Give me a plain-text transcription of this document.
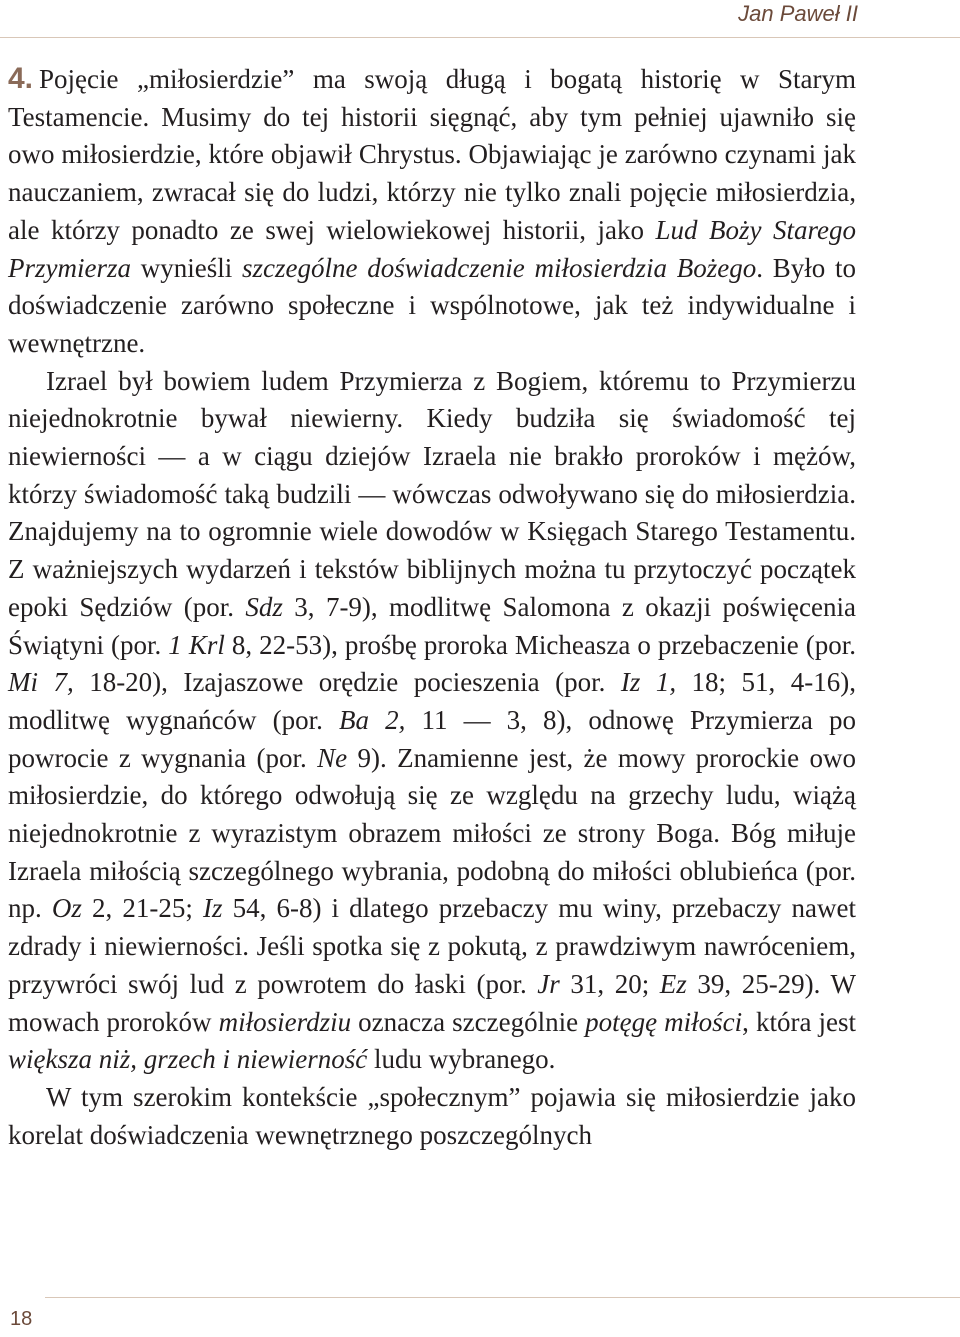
Jan Paweł II

4. Pojęcie „miłosierdzie” ma swoją długą i bogatą historię w Starym Testamencie. Musimy do tej historii sięgnąć, aby tym pełniej ujawniło się owo miłosierdzie, które objawił Chrystus. Objawiając je zarówno czynami jak nauczaniem, zwracał się do ludzi, którzy nie tylko znali pojęcie miłosierdzia, ale którzy ponadto ze swej wielowiekowej historii, jako Lud Boży Starego Przymierza wynieśli szczególne doświadczenie miłosierdzia Bożego. Było to doświadczenie zarówno społeczne i wspólnotowe, jak też indywidualne i wewnętrzne.

Izrael był bowiem ludem Przymierza z Bogiem, któremu to Przymierzu niejednokrotnie bywał niewierny. Kiedy budziła się świadomość tej niewierności — a w ciągu dziejów Izraela nie brakło proroków i mężów, którzy świadomość taką budzili — wówczas odwoływano się do miłosierdzia. Znajdujemy na to ogromnie wiele dowodów w Księgach Starego Testamentu. Z ważniejszych wydarzeń i tekstów biblijnych można tu przytoczyć początek epoki Sędziów (por. Sdz 3, 7-9), modlitwę Salomona z okazji poświęcenia Świątyni (por. 1 Krl 8, 22-53), prośbę proroka Micheasza o przebaczenie (por. Mi 7, 18-20), Izajaszowe orędzie pocieszenia (por. Iz 1, 18; 51, 4-16), modlitwę wygnańców (por. Ba 2, 11 — 3, 8), odnowę Przymierza po powrocie z wygnania (por. Ne 9). Znamienne jest, że mowy prorockie owo miłosierdzie, do którego odwołują się ze względu na grzechy ludu, wiążą niejednokrotnie z wyrazistym obrazem miłości ze strony Boga. Bóg miłuje Izraela miłością szczególnego wybrania, podobną do miłości oblubieńca (por. np. Oz 2, 21-25; Iz 54, 6-8) i dlatego przebaczy mu winy, przebaczy nawet zdrady i niewierności. Jeśli spotka się z pokutą, z prawdziwym nawróceniem, przywróci swój lud z powrotem do łaski (por. Jr 31, 20; Ez 39, 25-29). W mowach proroków miłosierdziu oznacza szczególnie potęgę miłości, która jest większa niż, grzech i niewierność ludu wybranego.

W tym szerokim kontekście „społecznym” pojawia się miłosierdzie jako korelat doświadczenia wewnętrznego poszczególnych

18
